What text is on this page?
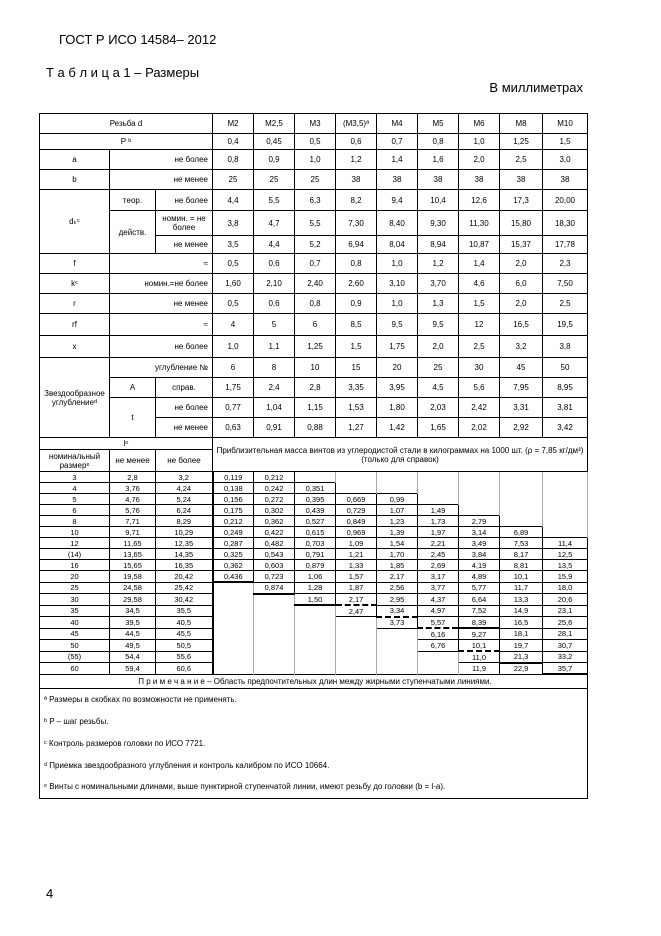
ГОСТ Р ИСО 14584– 2012
Т а б л и ц а 1 – Размеры
В миллиметрах
Резьба d			М2	М2,5	М3	(М3,5)ª	М4	М5	М6	М8	М10
P ᵇ			0,4	0,45	0,5	0,6	0,7	0,8	1,0	1,25	1,5
a	не более		0,8	0,9	1,0	1,2	1,4	1,6	2,0	2,5	3,0
b	не менее		25	25	25	38	38	38	38	38	38
dₖᶜ	теор.	не более	4,4	5,5	6,3	8,2	9,4	10,4	12,6	17,3	20,00
	действ.	номин. = не более	3,8	4,7	5,5	7,30	8,40	9,30	11,30	15,80	18,30
		не менее	3,5	4,4	5,2	6,94	8,04	8,94	10,87	15,37	17,78
f	≈		0,5	0,6	0,7	0,8	1,0	1,2	1,4	2,0	2,3
kᶜ	номин.=не более		1,60	2,10	2,40	2,60	3,10	3,70	4,6	6,0	7,50
r	не менее		0,5	0,6	0,8	0,9	1,0	1,3	1,5	2,0	2,5
rf	≈		4	5	6	8,5	9,5	9,5	12	16,5	19,5
x	не более		1,0	1,1	1,25	1,5	1,75	2,0	2,5	3,2	3,8
Звездообразное углублениеᵈ	углубление №		6	8	10	15	20	25	30	45	50
	A	справ.	1,75	2,4	2,8	3,35	3,95	4,5	5,6	7,95	8,95
	t	не более	0,77	1,04	1,15	1,53	1,80	2,03	2,42	3,31	3,81
		не менее	0,63	0,91	0,88	1,27	1,42	1,65	2,02	2,92	3,42
lᵉ			Приблизительная масса винтов из углеродистой стали в килограммах на 1000 шт. (ρ = 7,85 кг/дм³) (только для справок)								
номинальный размерᵉ	не менее	не более									
3	2,8	3,2	0,119	0,212							
4	3,76	4,24	0,138	0,242	0,351						
5	4,76	5,24	0,156	0,272	0,395	0,669	0,99				
6	5,76	6,24	0,175	0,302	0,439	0,729	1,07	1,49			
8	7,71	8,29	0,212	0,362	0,527	0,849	1,23	1,73	2,79		
10	9,71	10,29	0,249	0,422	0,615	0,969	1,39	1,97	3,14	6,89	
12	11,65	12,35	0,287	0,482	0,703	1,09	1,54	2,21	3,49	7,53	11,4
(14)	13,65	14,35	0,325	0,543	0,791	1,21	1,70	2,45	3,84	8,17	12,5
16	15,65	16,35	0,362	0,603	0,879	1,33	1,85	2,69	4,19	8,81	13,5
20	19,58	20,42	0,436	0,723	1,06	1,57	2,17	3,17	4,89	10,1	15,9
25	24,58	25,42		0,874	1,28	1,87	2,56	3,77	5,77	11,7	18,0
30	29,58	30,42			1,50	2,17	2,95	4,37	6,64	13,3	20,6
35	34,5	35,5				2,47	3,34	4,97	7,52	14,9	23,1
40	39,5	40,5					3,73	5,57	8,39	16,5	25,6
45	44,5	45,5						6,16	9,27	18,1	28,1
50	49,5	50,5						6,76	10,1	19,7	30,7
(55)	54,4	55,6							11,0	21,3	33,2
60	59,4	60,6							11,9	22,9	35,7
П р и м е ч а н и е – Область предпочтительных длин между жирными ступенчатыми линиями.											
ª Размеры в скобках по возможности не применять.											
ᵇ P – шаг резьбы.											
ᶜ Контроль размеров головки по ИСО 7721.											
ᵈ Приемка звездообразного углубления и контроль калибром по ИСО 10664.											
ᵉ Винты с номинальными длинами, выше пунктирной ступенчатой линии, имеют резьбу до головки (b = l-a).											
4
